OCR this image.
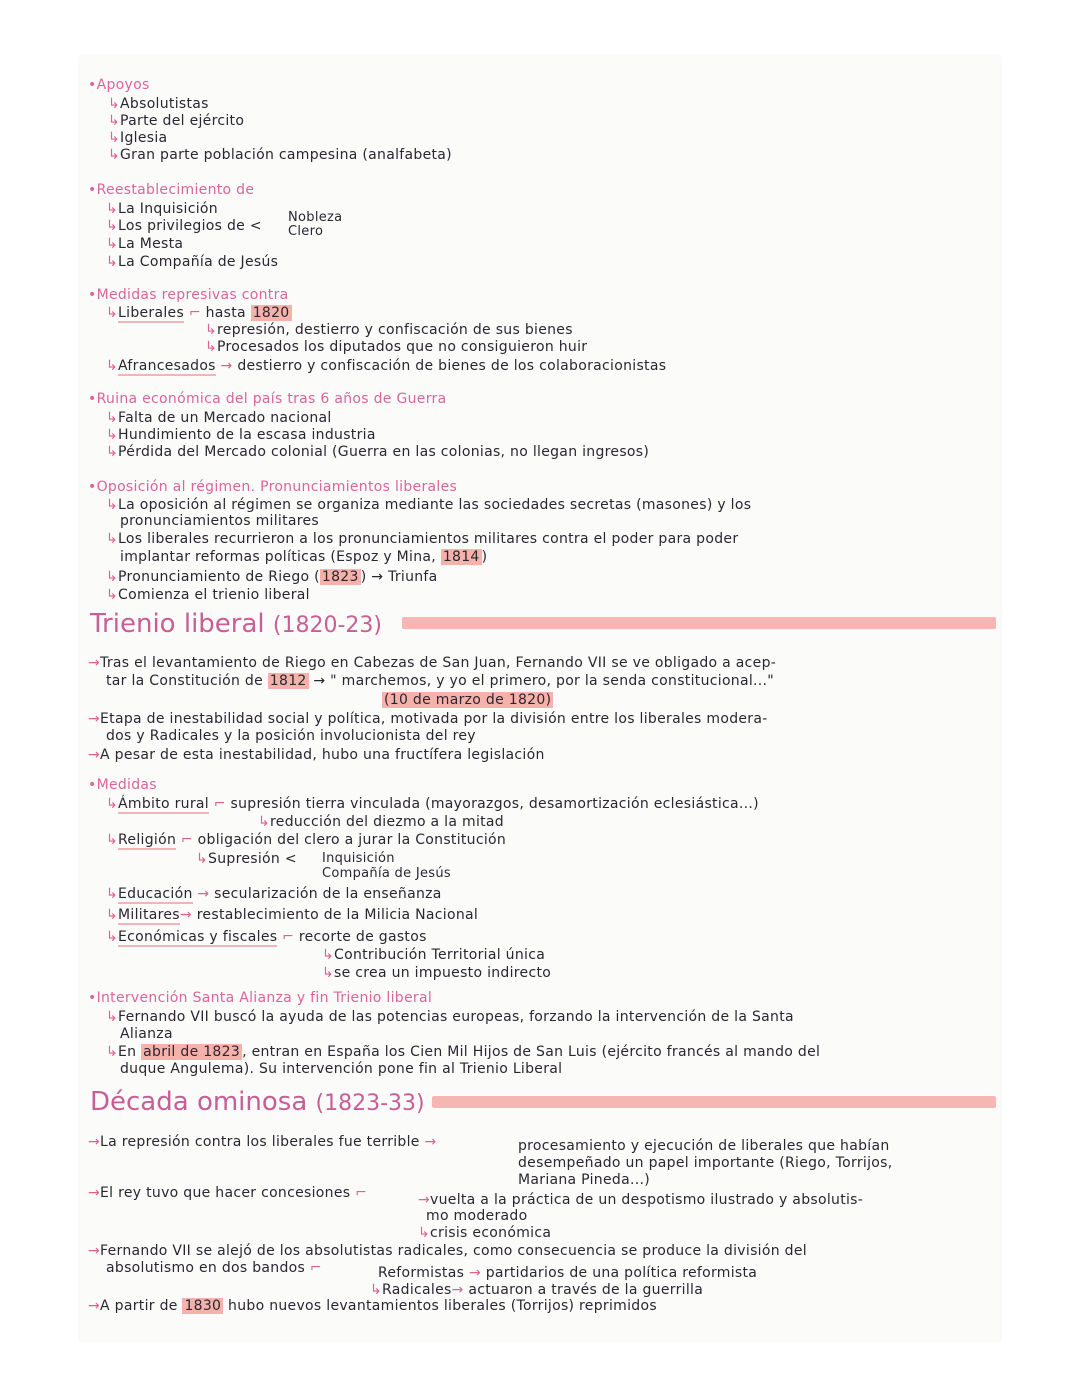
•Apoyos
↳Absolutistas
↳Parte del ejército
↳Iglesia
↳Gran parte población campesina (analfabeta)
•Reestablecimiento de
↳La Inquisición
↳Los privilegios de <
Nobleza
Clero
↳La Mesta
↳La Compañía de Jesús
•Medidas represivas contra
↳Liberales ⌐ hasta 1820
↳represión, destierro y confiscación de sus bienes
↳Procesados los diputados que no consiguieron huir
↳Afrancesados → destierro y confiscación de bienes de los colaboracionistas
•Ruina económica del país tras 6 años de Guerra
↳Falta de un Mercado nacional
↳Hundimiento de la escasa industria
↳Pérdida del Mercado colonial (Guerra en las colonias, no llegan ingresos)
•Oposición al régimen. Pronunciamientos liberales
↳La oposición al régimen se organiza mediante las sociedades secretas (masones) y los
pronunciamientos militares
↳Los liberales recurrieron a los pronunciamientos militares contra el poder para poder
implantar reformas políticas (Espoz y Mina, 1814 )
↳Pronunciamiento de Riego ( 1823 ) → Triunfa
↳Comienza el trienio liberal
Trienio liberal (1820-23)
→Tras el levantamiento de Riego en Cabezas de San Juan, Fernando VII se ve obligado a acep-
tar la Constitución de 1812 → " marchemos, y yo el primero, por la senda constitucional..."
(10 de marzo de 1820)
→Etapa de inestabilidad social y política, motivada por la división entre los liberales modera-
dos y Radicales y la posición involucionista del rey
→A pesar de esta inestabilidad, hubo una fructífera legislación
•Medidas
↳Ámbito rural ⌐ supresión tierra vinculada (mayorazgos, desamortización eclesiástica...)
↳reducción del diezmo a la mitad
↳Religión ⌐ obligación del clero a jurar la Constitución
↳Supresión < Inquisición
Compañía de Jesús
↳Educación → secularización de la enseñanza
↳Militares→ restablecimiento de la Milicia Nacional
↳Económicas y fiscales ⌐ recorte de gastos
↳Contribución Territorial única
↳se crea un impuesto indirecto
•Intervención Santa Alianza y fin Trienio liberal
↳Fernando VII buscó la ayuda de las potencias europeas, forzando la intervención de la Santa
Alianza
↳En abril de 1823 , entran en España los Cien Mil Hijos de San Luis (ejército francés al mando del
duque Angulema). Su intervención pone fin al Trienio Liberal
Década ominosa (1823-33)
→La represión contra los liberales fue terrible →	procesamiento y ejecución de liberales que habían
desempeñado un papel importante (Riego, Torrijos,
Mariana Pineda...)
→El rey tuvo que hacer concesiones ⌐	→vuelta a la práctica de un despotismo ilustrado y absolutis-
mo moderado
↳crisis económica
→Fernando VII se alejó de los absolutistas radicales, como consecuencia se produce la división del
absolutismo en dos bandos ⌐	Reformistas → partidarios de una política reformista
↳Radicales→ actuaron a través de la guerrilla
→A partir de 1830 hubo nuevos levantamientos liberales (Torrijos) reprimidos
